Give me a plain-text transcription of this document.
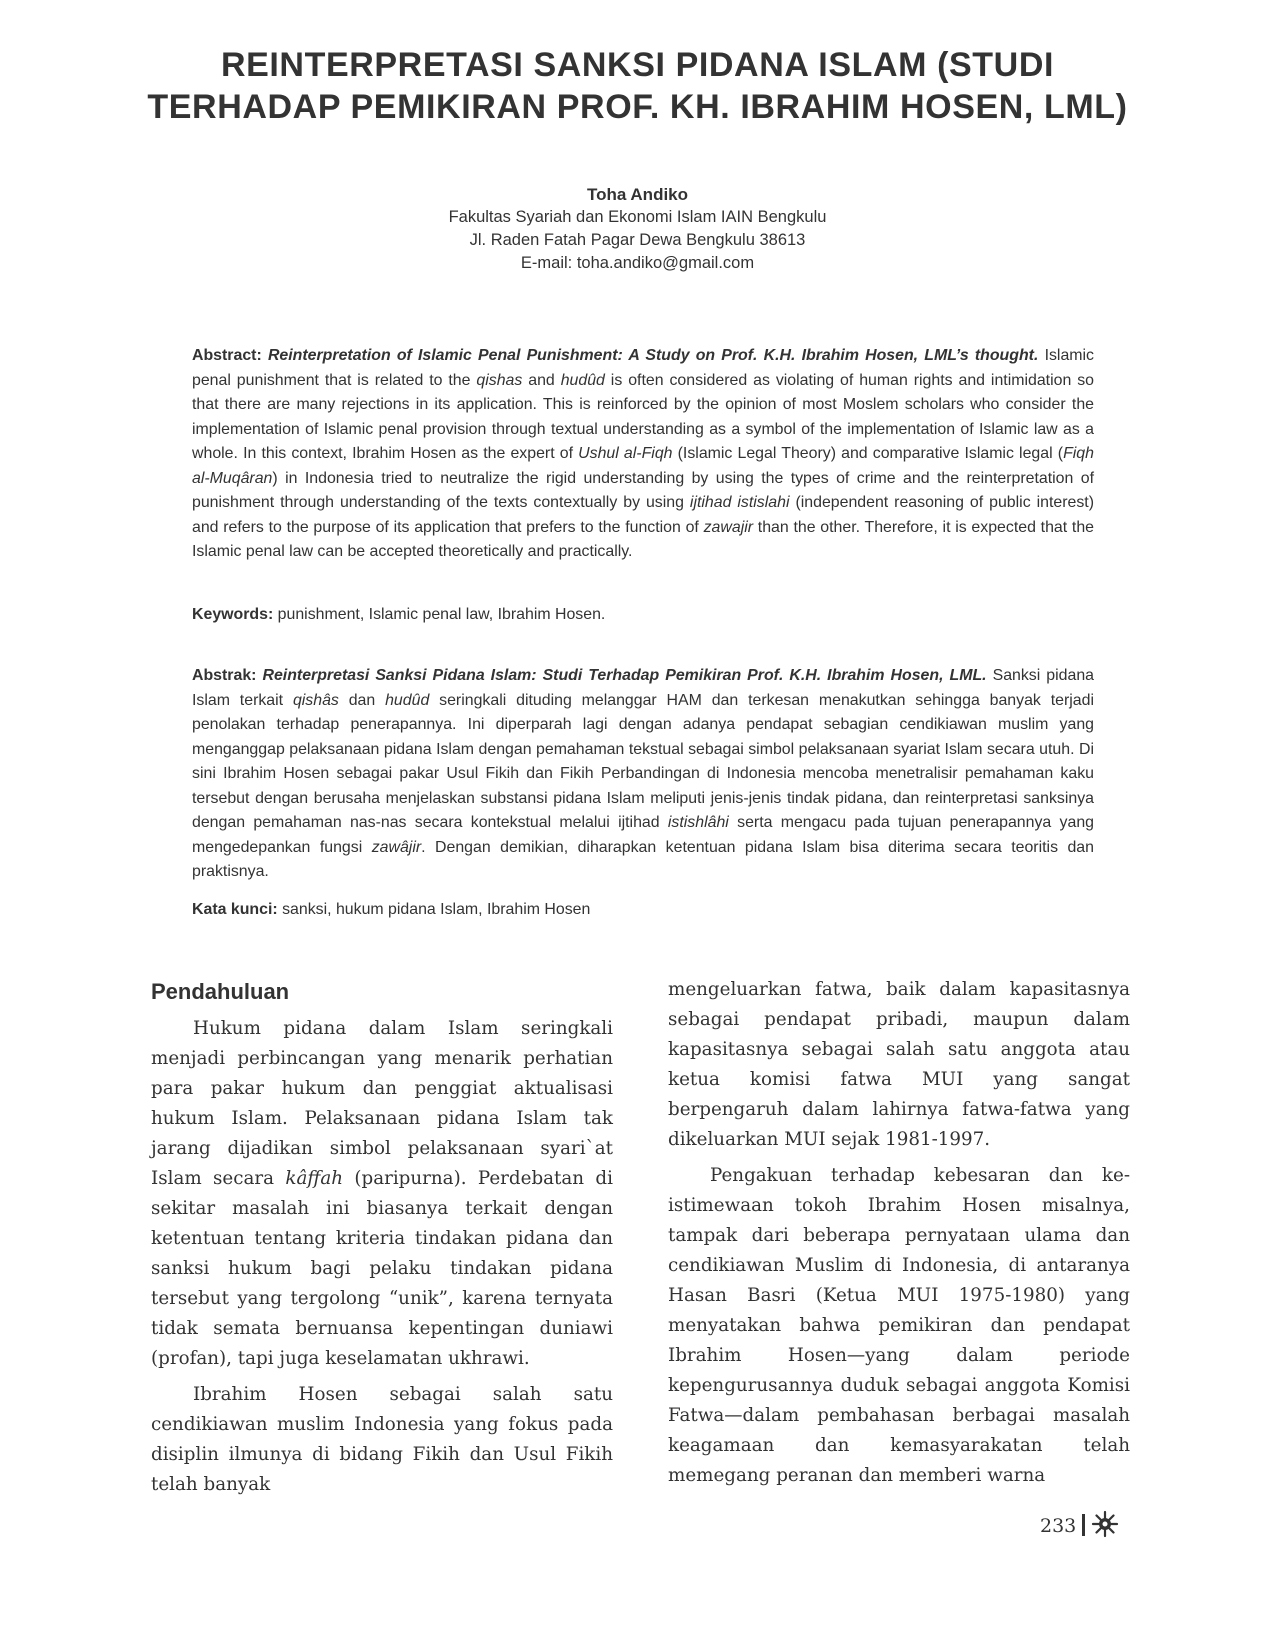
REINTERPRETASI SANKSI PIDANA ISLAM (STUDI TERHADAP PEMIKIRAN PROF. KH. IBRAHIM HOSEN, LML)
Toha Andiko
Fakultas Syariah dan Ekonomi Islam IAIN Bengkulu
Jl. Raden Fatah Pagar Dewa Bengkulu 38613
E-mail: toha.andiko@gmail.com

Abstract: Reinterpretation of Islamic Penal Punishment: A Study on Prof. K.H. Ibrahim Hosen, LML’s thought. Islamic penal punishment that is related to the qishas and hudûd is often considered as violating of human rights and intimidation so that there are many rejections in its application. This is reinforced by the opinion of most Moslem scholars who consider the implementation of Islamic penal provision through textual understanding as a symbol of the implementation of Islamic law as a whole. In this context, Ibrahim Hosen as the expert of Ushul al-Fiqh (Islamic Legal Theory) and comparative Islamic legal (Fiqh al-Muqâran) in Indonesia tried to neutralize the rigid understanding by using the types of crime and the reinterpretation of punishment through understanding of the texts contextually by using ijtihad istislahi (independent reasoning of public interest) and refers to the purpose of its application that prefers to the function of zawajir than the other. Therefore, it is expected that the Islamic penal law can be accepted theoretically and practically.

Keywords: punishment, Islamic penal law, Ibrahim Hosen.

Abstrak: Reinterpretasi Sanksi Pidana Islam: Studi Terhadap Pemikiran Prof. K.H. Ibrahim Hosen, LML. Sanksi pidana Islam terkait qishâs dan hudûd seringkali dituding melanggar HAM dan terkesan menakutkan sehingga banyak terjadi penolakan terhadap penerapannya. Ini diperparah lagi dengan adanya pendapat sebagian cendikiawan muslim yang menganggap pelaksanaan pidana Islam dengan pemahaman tekstual sebagai simbol pelaksanaan syariat Islam secara utuh. Di sini Ibrahim Hosen sebagai pakar Usul Fikih dan Fikih Perbandingan di Indonesia mencoba menetralisir pemahaman kaku tersebut dengan berusaha menjelaskan substansi pidana Islam meliputi jenis-jenis tindak pidana, dan reinterpretasi sanksinya dengan pemahaman nas-nas secara kontekstual melalui ijtihad istishlâhi serta mengacu pada tujuan penerapannya yang mengedepankan fungsi zawâjir. Dengan demikian, diharapkan ketentuan pidana Islam bisa diterima secara teoritis dan praktisnya.

Kata kunci: sanksi, hukum pidana Islam, Ibrahim Hosen

Pendahuluan

Hukum pidana dalam Islam seringkali menjadi perbincangan yang menarik perhatian para pakar hukum dan penggiat aktualisasi hukum Islam. Pelaksanaan pidana Islam tak jarang dijadikan simbol pelaksanaan syari`at Islam secara kâffah (paripurna). Perdebatan di sekitar masalah ini biasanya terkait dengan ketentuan tentang kriteria tindakan pidana dan sanksi hukum bagi pelaku tindakan pidana tersebut yang tergolong “unik”, karena ternyata tidak semata bernuansa kepentingan duniawi (profan), tapi juga keselamatan ukhrawi.

Ibrahim Hosen sebagai salah satu cendikiawan muslim Indonesia yang fokus pada disiplin ilmunya di bidang Fikih dan Usul Fikih telah banyak

mengeluarkan fatwa, baik dalam kapasitasnya sebagai pendapat pribadi, maupun dalam kapasitasnya sebagai salah satu anggota atau ketua komisi fatwa MUI yang sangat berpengaruh dalam lahirnya fatwa-fatwa yang dikeluarkan MUI sejak 1981-1997.

Pengakuan terhadap kebesaran dan ke-istimewaan tokoh Ibrahim Hosen misalnya, tampak dari beberapa pernyataan ulama dan cendikiawan Muslim di Indonesia, di antaranya Hasan Basri (Ketua MUI 1975-1980) yang menyatakan bahwa pemikiran dan pendapat Ibrahim Hosen—yang dalam periode kepengurusannya duduk sebagai anggota Komisi Fatwa—dalam pembahasan berbagai masalah keagamaan dan kemasyarakatan telah memegang peranan dan memberi warna

233
